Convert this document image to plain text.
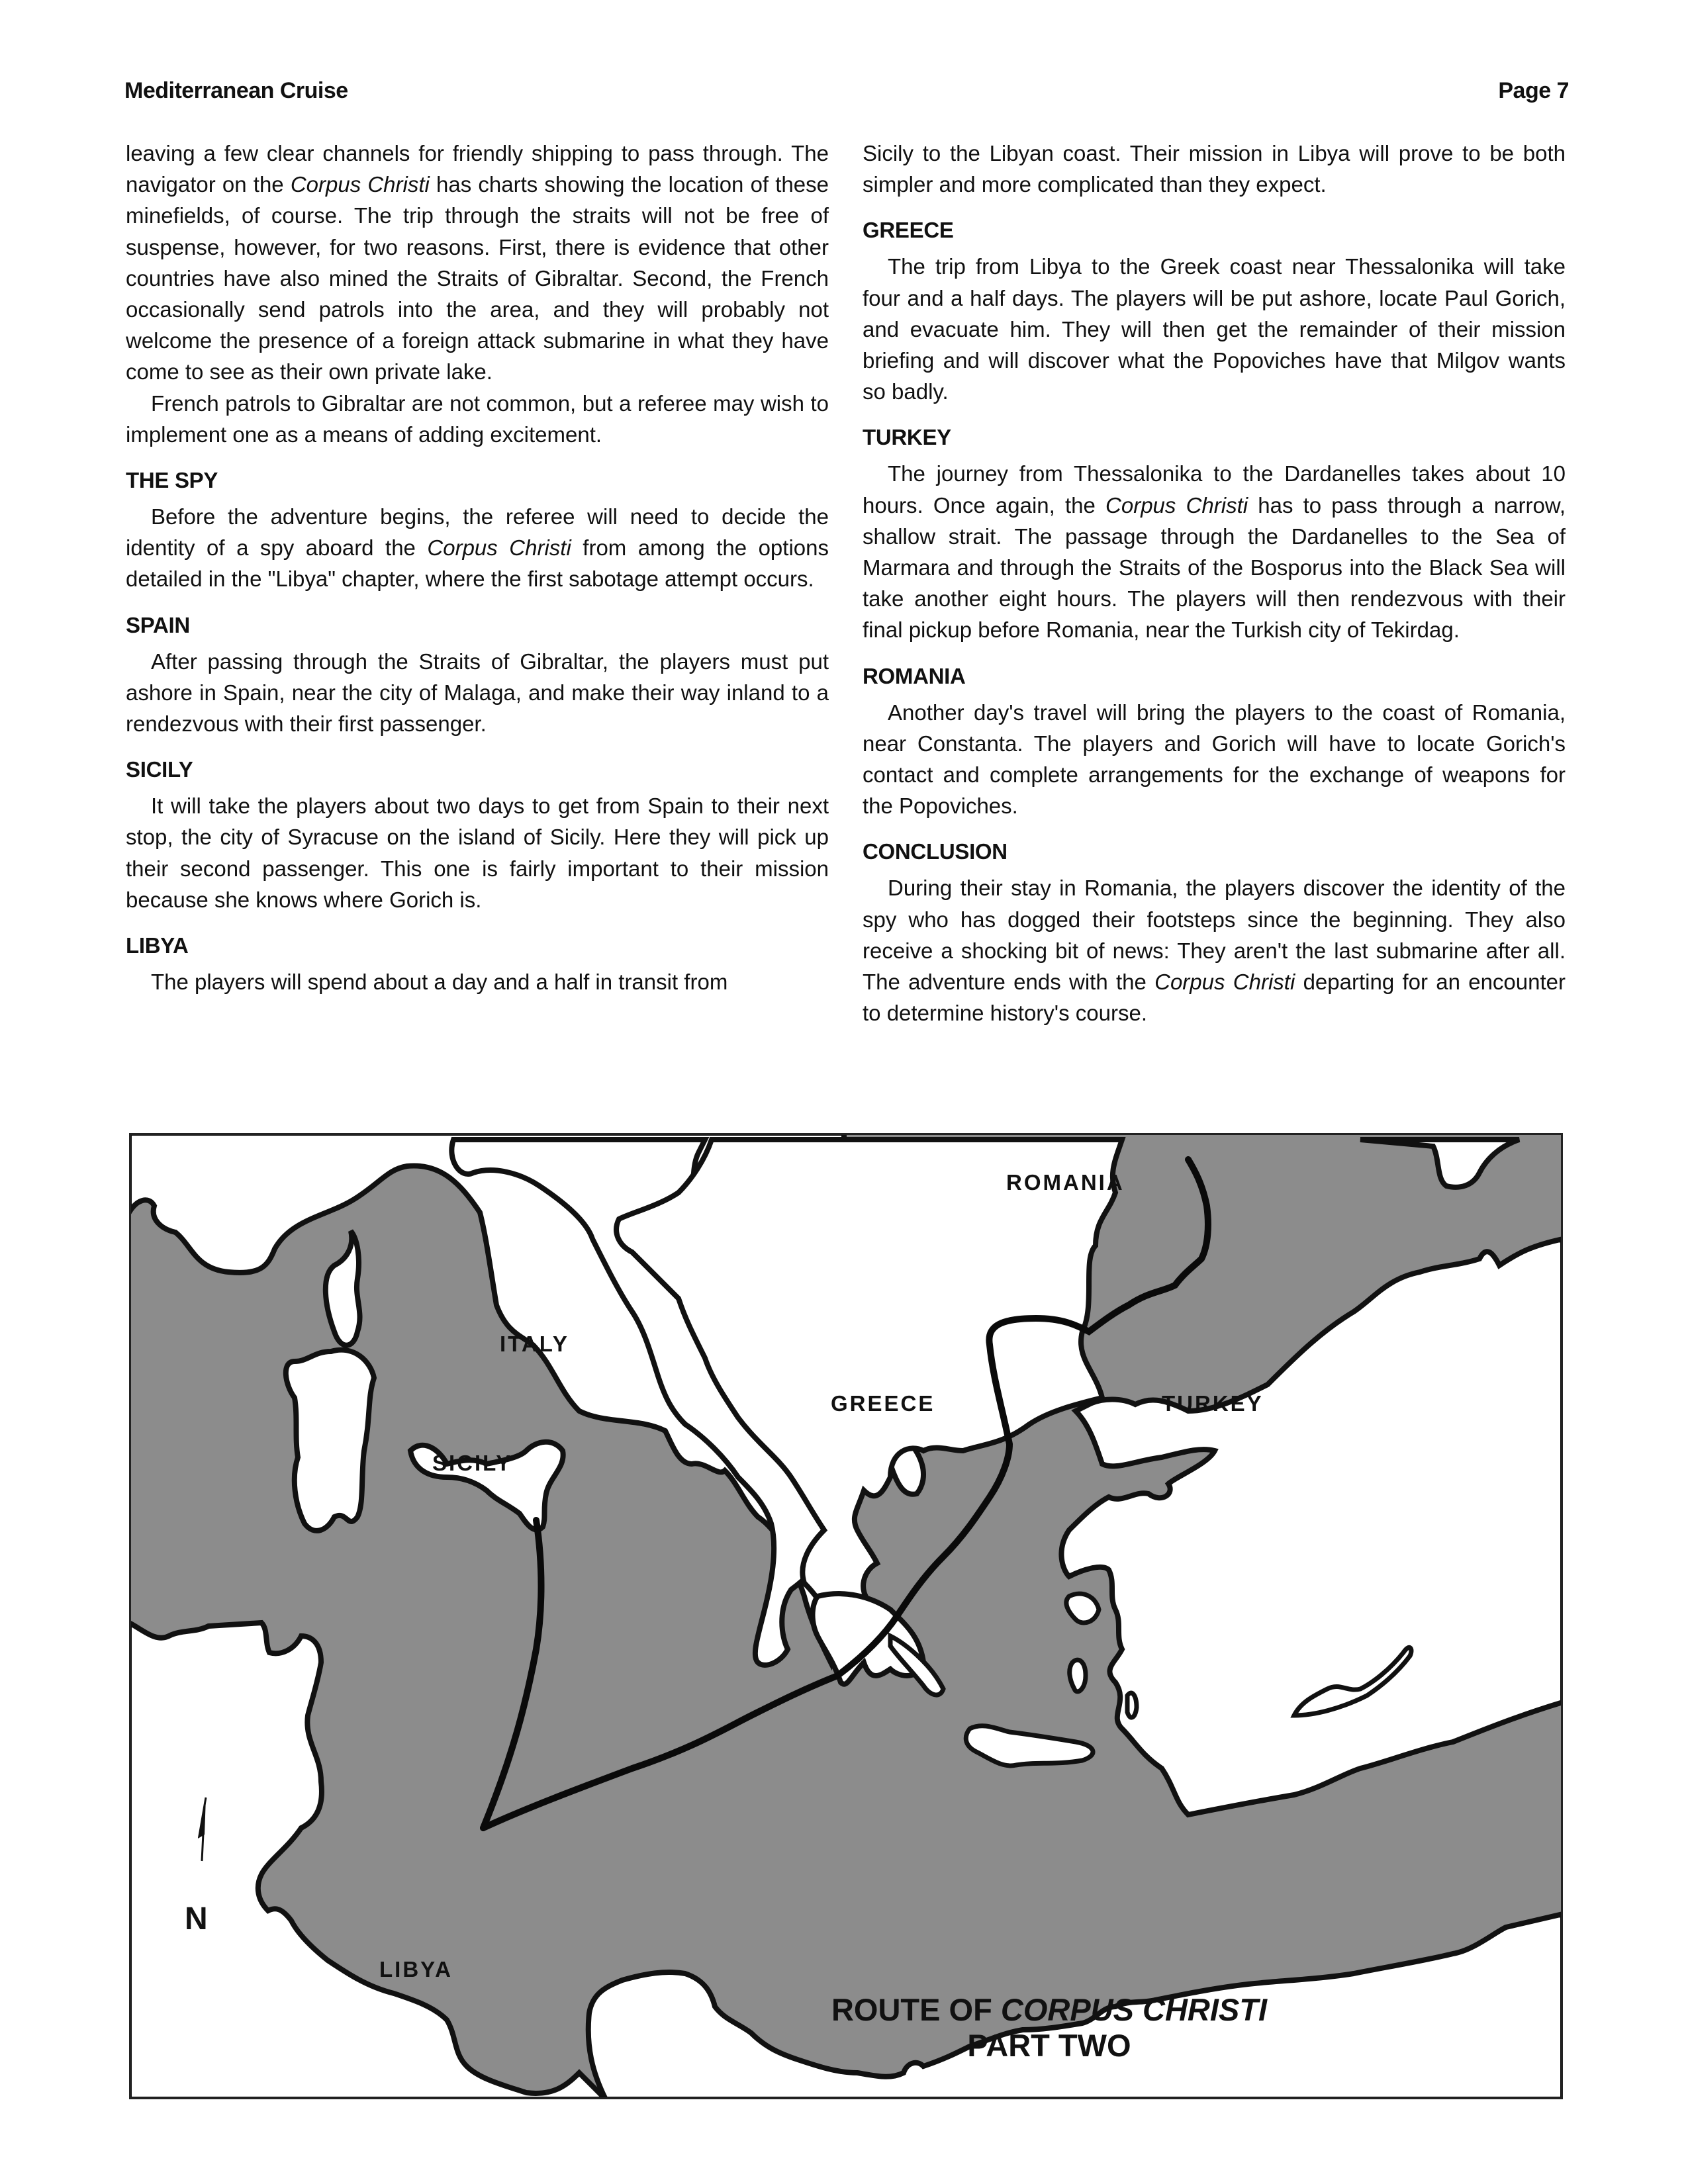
Mediterranean Cruise	Page 7

leaving a few clear channels for friendly shipping to pass through. The navigator on the Corpus Christi has charts showing the location of these minefields, of course. The trip through the straits will not be free of suspense, however, for two reasons. First, there is evidence that other countries have also mined the Straits of Gibraltar. Second, the French occasionally send patrols into the area, and they will probably not welcome the presence of a foreign attack submarine in what they have come to see as their own private lake.

French patrols to Gibraltar are not common, but a referee may wish to implement one as a means of adding excitement.

THE SPY

Before the adventure begins, the referee will need to decide the identity of a spy aboard the Corpus Christi from among the options detailed in the "Libya" chapter, where the first sabotage attempt occurs.

SPAIN

After passing through the Straits of Gibraltar, the players must put ashore in Spain, near the city of Malaga, and make their way inland to a rendezvous with their first passenger.

SICILY

It will take the players about two days to get from Spain to their next stop, the city of Syracuse on the island of Sicily. Here they will pick up their second passenger. This one is fairly important to their mission because she knows where Gorich is.

LIBYA

The players will spend about a day and a half in transit from

Sicily to the Libyan coast. Their mission in Libya will prove to be both simpler and more complicated than they expect.

GREECE

The trip from Libya to the Greek coast near Thessalonika will take four and a half days. The players will be put ashore, locate Paul Gorich, and evacuate him. They will then get the remainder of their mission briefing and will discover what the Popoviches have that Milgov wants so badly.

TURKEY

The journey from Thessalonika to the Dardanelles takes about 10 hours. Once again, the Corpus Christi has to pass through a narrow, shallow strait. The passage through the Dardanelles to the Sea of Marmara and through the Straits of the Bosporus into the Black Sea will take another eight hours. The players will then rendezvous with their final pickup before Romania, near the Turkish city of Tekirdag.

ROMANIA

Another day's travel will bring the players to the coast of Romania, near Constanta. The players and Gorich will have to locate Gorich's contact and complete arrangements for the exchange of weapons for the Popoviches.

CONCLUSION

During their stay in Romania, the players discover the identity of the spy who has dogged their footsteps since the beginning. They also receive a shocking bit of news: They aren't the last submarine after all. The adventure ends with the Corpus Christi departing for an encounter to determine history's course.

ITALY
SICILY
GREECE	TURKEY
ROMANIA
LIBYA
N
ROUTE OF CORPUS CHRISTI
PART TWO
